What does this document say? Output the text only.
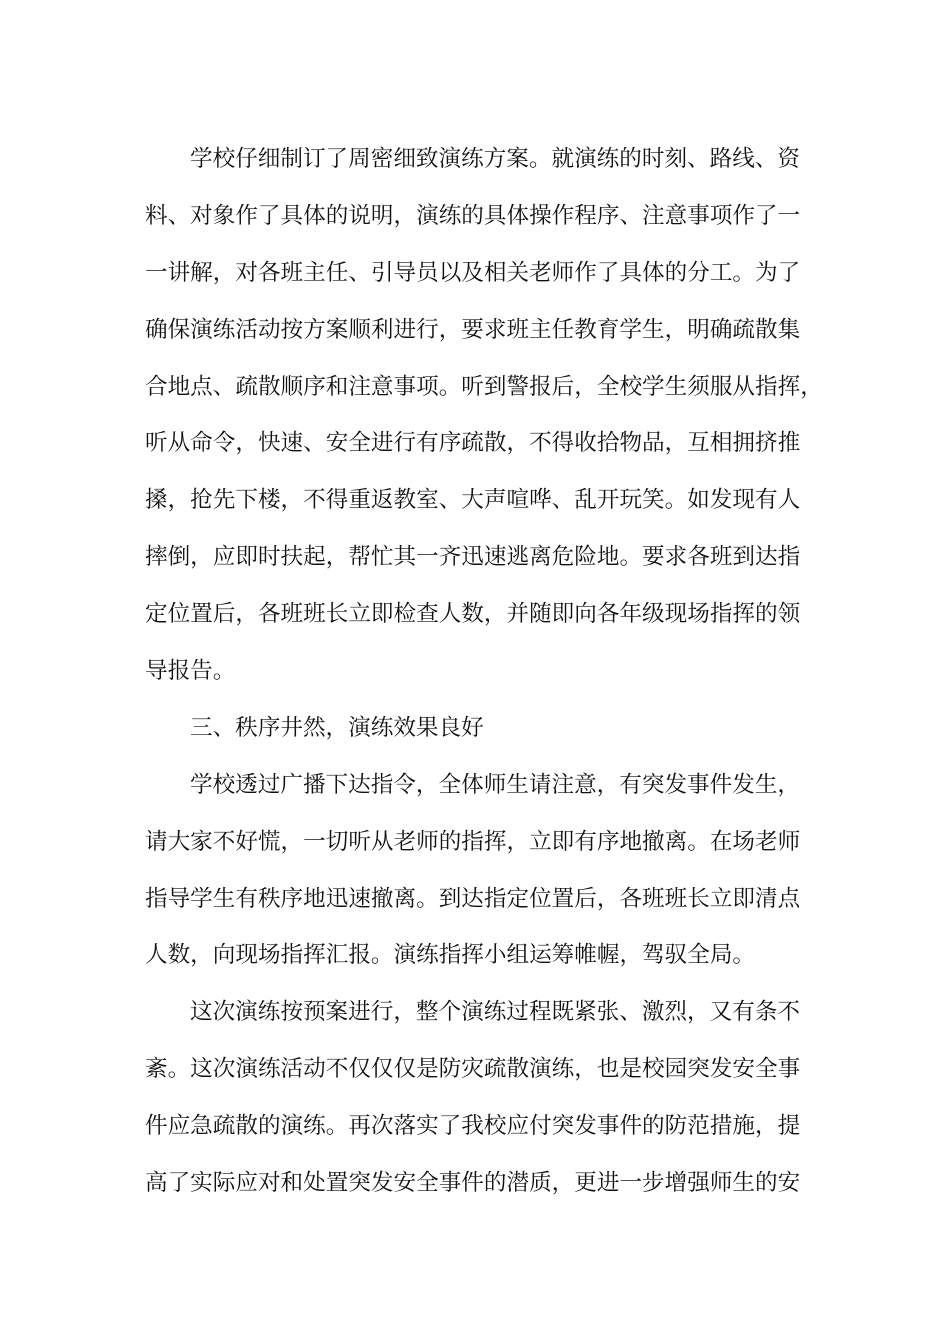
学校仔细制订了周密细致演练方案。就演练的时刻、路线、资
料、对象作了具体的说明，演练的具体操作程序、注意事项作了一
一讲解，对各班主任、引导员以及相关老师作了具体的分工。为了
确保演练活动按方案顺利进行，要求班主任教育学生，明确疏散集
合地点、疏散顺序和注意事项。听到警报后，全校学生须服从指挥，
听从命令，快速、安全进行有序疏散，不得收拾物品，互相拥挤推
搡，抢先下楼，不得重返教室、大声喧哗、乱开玩笑。如发现有人
摔倒，应即时扶起，帮忙其一齐迅速逃离危险地。要求各班到达指
定位置后，各班班长立即检查人数，并随即向各年级现场指挥的领
导报告。
三、秩序井然，演练效果良好
学校透过广播下达指令，全体师生请注意，有突发事件发生，
请大家不好慌，一切听从老师的指挥，立即有序地撤离。在场老师
指导学生有秩序地迅速撤离。到达指定位置后，各班班长立即清点
人数，向现场指挥汇报。演练指挥小组运筹帷幄，驾驭全局。
这次演练按预案进行，整个演练过程既紧张、激烈，又有条不
紊。这次演练活动不仅仅仅是防灾疏散演练，也是校园突发安全事
件应急疏散的演练。再次落实了我校应付突发事件的防范措施，提
高了实际应对和处置突发安全事件的潜质，更进一步增强师生的安
